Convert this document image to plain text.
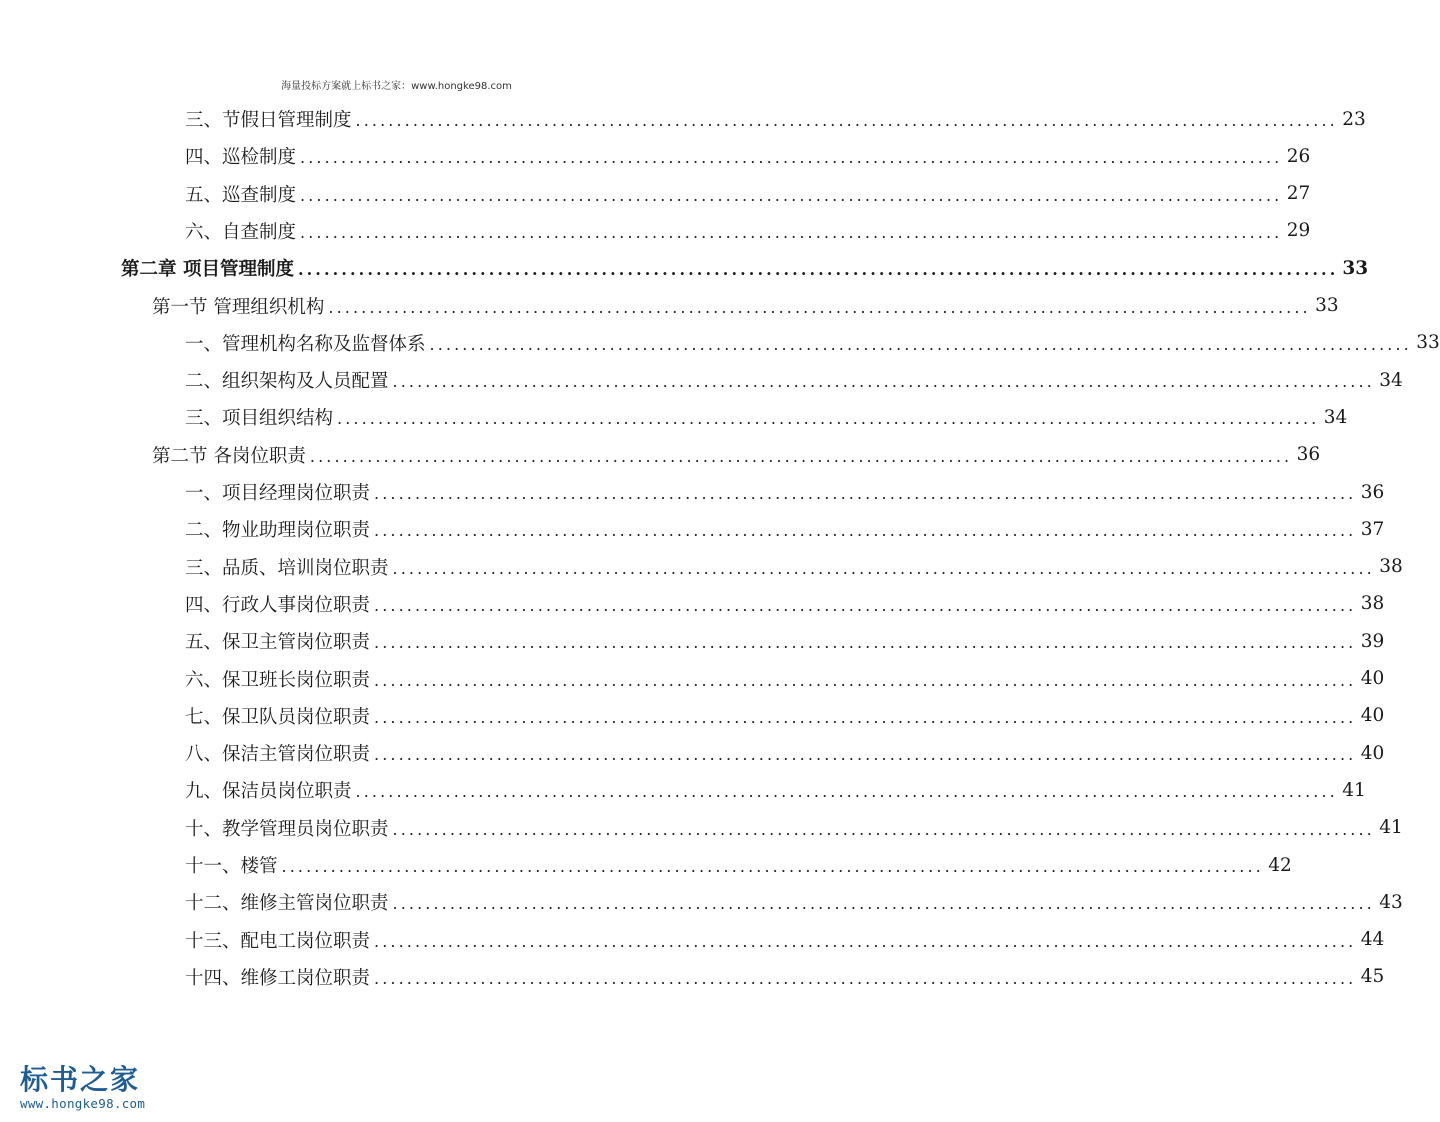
海量投标方案就上标书之家：www.hongke98.com
三、节假日管理制度 ........................................................................................................................ 23
四、巡检制度 ........................................................................................................................ 26
五、巡查制度 ........................................................................................................................ 27
六、自查制度 ........................................................................................................................ 29
第二章 项目管理制度 ........................................................................................................................ 33
第一节 管理组织机构 ........................................................................................................................ 33
一、管理机构名称及监督体系 ........................................................................................................................ 33
二、组织架构及人员配置 ........................................................................................................................ 34
三、项目组织结构 ........................................................................................................................ 34
第二节 各岗位职责 ........................................................................................................................ 36
一、项目经理岗位职责 ........................................................................................................................ 36
二、物业助理岗位职责 ........................................................................................................................ 37
三、品质、培训岗位职责 ........................................................................................................................ 38
四、行政人事岗位职责 ........................................................................................................................ 38
五、保卫主管岗位职责 ........................................................................................................................ 39
六、保卫班长岗位职责 ........................................................................................................................ 40
七、保卫队员岗位职责 ........................................................................................................................ 40
八、保洁主管岗位职责 ........................................................................................................................ 40
九、保洁员岗位职责 ........................................................................................................................ 41
十、教学管理员岗位职责 ........................................................................................................................ 41
十一、楼管 ........................................................................................................................ 42
十二、维修主管岗位职责 ........................................................................................................................ 43
十三、配电工岗位职责 ........................................................................................................................ 44
十四、维修工岗位职责 ........................................................................................................................ 45
标书之家
www.hongke98.com
